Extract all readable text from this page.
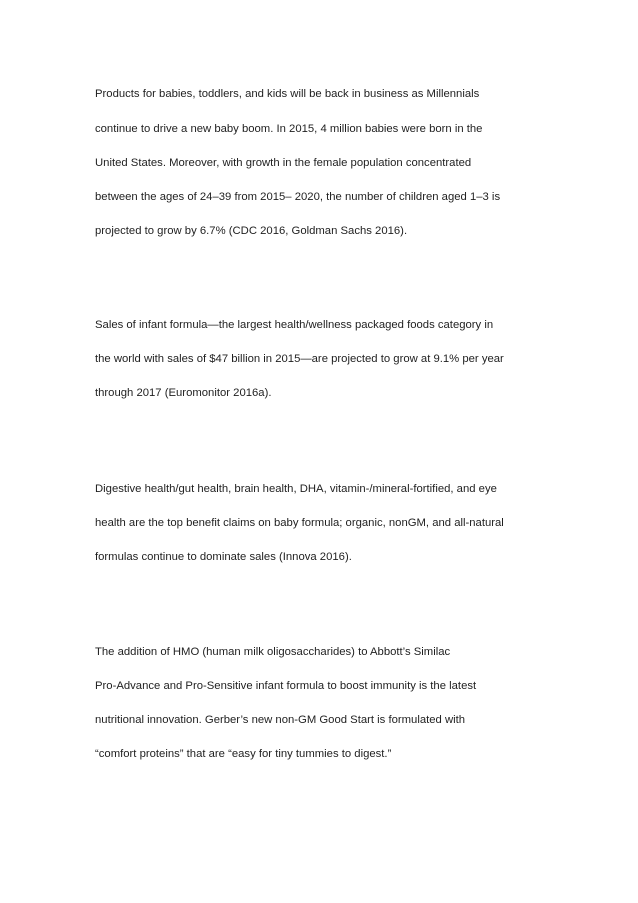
Products for babies, toddlers, and kids will be back in business as Millennials
continue to drive a new baby boom. In 2015, 4 million babies were born in the
United States. Moreover, with growth in the female population concentrated
between the ages of 24–39 from 2015– 2020, the number of children aged 1–3 is
projected to grow by 6.7% (CDC 2016, Goldman Sachs 2016).
Sales of infant formula—the largest health/wellness packaged foods category in
the world with sales of $47 billion in 2015—are projected to grow at 9.1% per year
through 2017 (Euromonitor 2016a).
Digestive health/gut health, brain health, DHA, vitamin-/mineral-fortified, and eye
health are the top benefit claims on baby formula; organic, nonGM, and all-natural
formulas continue to dominate sales (Innova 2016).
The addition of HMO (human milk oligosaccharides) to Abbott’s Similac
Pro-Advance and Pro-Sensitive infant formula to boost immunity is the latest
nutritional innovation. Gerber’s new non-GM Good Start is formulated with
“comfort proteins” that are “easy for tiny tummies to digest.”
